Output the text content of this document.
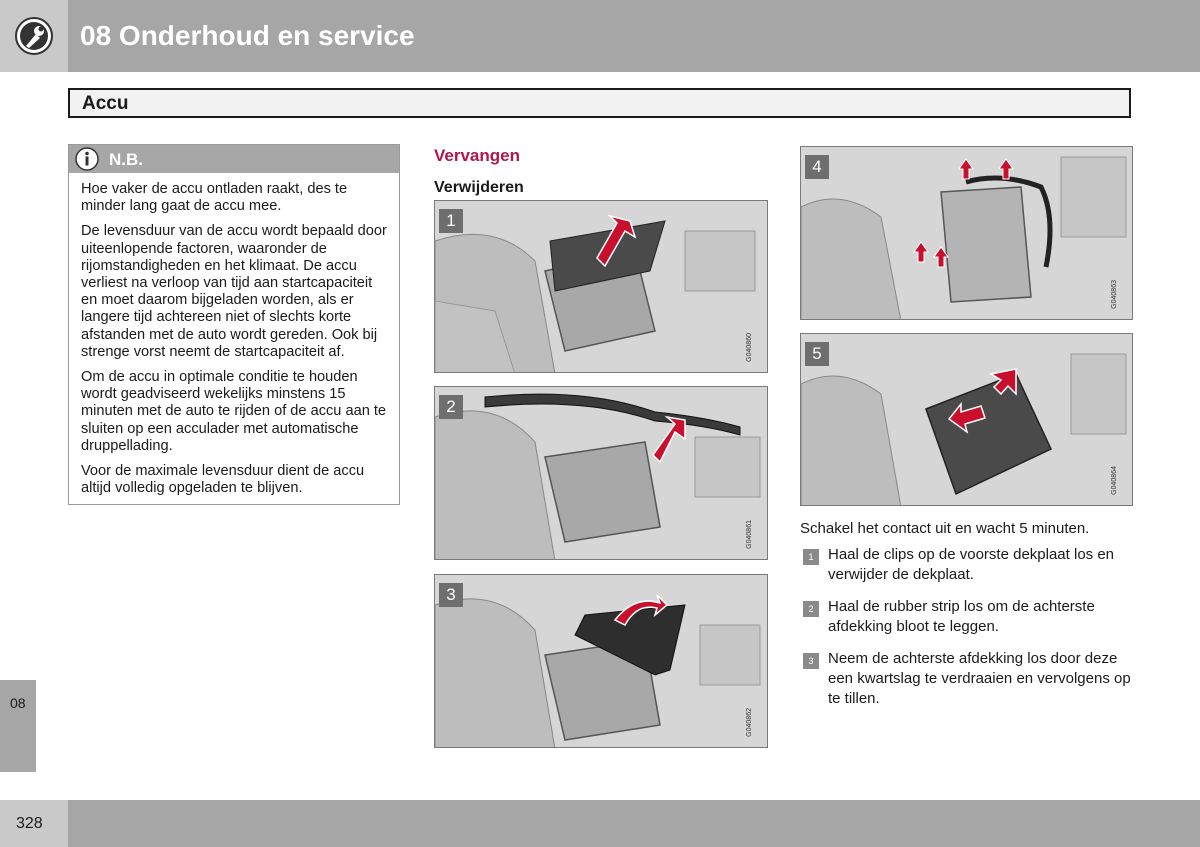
08 Onderhoud en service
Accu
N.B.

Hoe vaker de accu ontladen raakt, des te minder lang gaat de accu mee.

De levensduur van de accu wordt bepaald door uiteenlopende factoren, waaronder de rijomstandigheden en het klimaat. De accu verliest na verloop van tijd aan startcapaciteit en moet daarom bijgeladen worden, als er langere tijd achtereen niet of slechts korte afstanden met de auto wordt gereden. Ook bij strenge vorst neemt de startcapaciteit af.

Om de accu in optimale conditie te houden wordt geadviseerd wekelijks minstens 15 minuten met de auto te rijden of de accu aan te sluiten op een acculader met automatische druppellading.

Voor de maximale levensduur dient de accu altijd volledig opgeladen te blijven.

Vervangen
Verwijderen
1
G040860
2
G040861
3
G040862
4
G040863
5
G040864
Schakel het contact uit en wacht 5 minuten.
1 Haal de clips op de voorste dekplaat los en verwijder de dekplaat.
2 Haal de rubber strip los om de achterste afdekking bloot te leggen.
3 Neem de achterste afdekking los door deze een kwartslag te verdraaien en vervolgens op te tillen.
08
328
